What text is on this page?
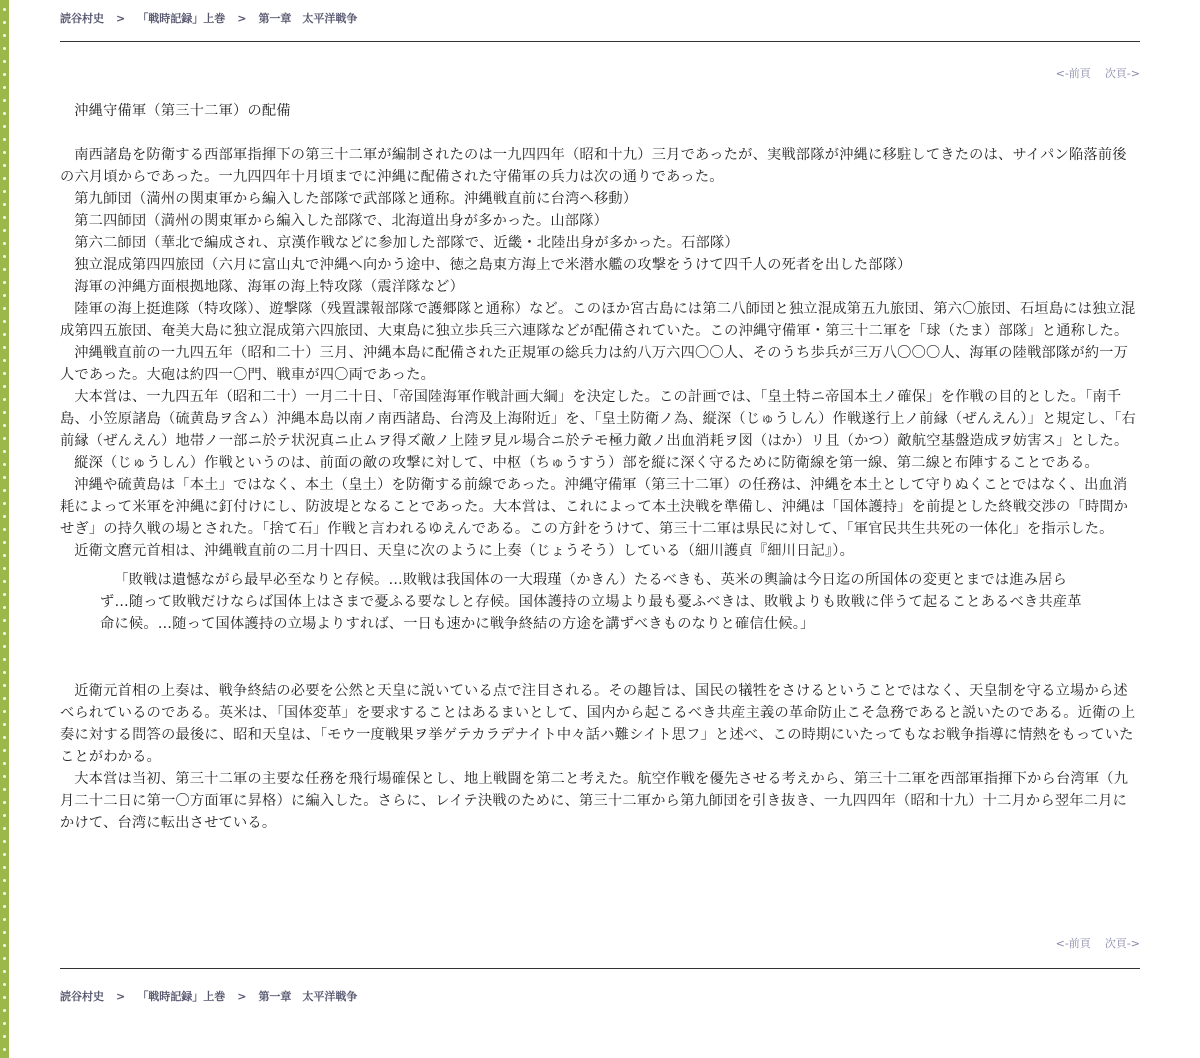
読谷村史 > 「戦時記録」上巻 > 第一章　太平洋戦争
<-前頁 次頁->

沖縄守備軍（第三十二軍）の配備

南西諸島を防衛する西部軍指揮下の第三十二軍が編制されたのは一九四四年（昭和十九）三月であったが、実戦部隊が沖縄に移駐してきたのは、サイパン陥落前後の六月頃からであった。一九四四年十月頃までに沖縄に配備された守備軍の兵力は次の通りであった。

第九師団（満州の関東軍から編入した部隊で武部隊と通称。沖縄戦直前に台湾へ移動）

第二四師団（満州の関東軍から編入した部隊で、北海道出身が多かった。山部隊）

第六二師団（華北で編成され、京漢作戦などに参加した部隊で、近畿・北陸出身が多かった。石部隊）

独立混成第四四旅団（六月に富山丸で沖縄へ向かう途中、徳之島東方海上で米潜水艦の攻撃をうけて四千人の死者を出した部隊）

海軍の沖縄方面根拠地隊、海軍の海上特攻隊（震洋隊など）

陸軍の海上挺進隊（特攻隊）、遊撃隊（残置諜報部隊で護郷隊と通称）など。このほか宮古島には第二八師団と独立混成第五九旅団、第六〇旅団、石垣島には独立混成第四五旅団、奄美大島に独立混成第六四旅団、大東島に独立歩兵三六連隊などが配備されていた。この沖縄守備軍・第三十二軍を「球（たま）部隊」と通称した。

沖縄戦直前の一九四五年（昭和二十）三月、沖縄本島に配備された正規軍の総兵力は約八万六四〇〇人、そのうち歩兵が三万八〇〇〇人、海軍の陸戦部隊が約一万人であった。大砲は約四一〇門、戦車が四〇両であった。

大本営は、一九四五年（昭和二十）一月二十日、「帝国陸海軍作戦計画大綱」を決定した。この計画では、「皇土特ニ帝国本土ノ確保」を作戦の目的とした。「南千島、小笠原諸島（硫黄島ヲ含ム）沖縄本島以南ノ南西諸島、台湾及上海附近」を、「皇土防衛ノ為、縦深（じゅうしん）作戦遂行上ノ前縁（ぜんえん）」と規定し、「右前縁（ぜんえん）地帯ノ一部ニ於テ状況真ニ止ムヲ得ズ敵ノ上陸ヲ見ル場合ニ於テモ極力敵ノ出血消耗ヲ図（はか）リ且（かつ）敵航空基盤造成ヲ妨害ス」とした。

縦深（じゅうしん）作戦というのは、前面の敵の攻撃に対して、中枢（ちゅうすう）部を縦に深く守るために防衛線を第一線、第二線と布陣することである。

沖縄や硫黄島は「本土」ではなく、本土（皇土）を防衛する前線であった。沖縄守備軍（第三十二軍）の任務は、沖縄を本土として守りぬくことではなく、出血消耗によって米軍を沖縄に釘付けにし、防波堤となることであった。大本営は、これによって本土決戦を準備し、沖縄は「国体護持」を前提とした終戦交渉の「時間かせぎ」の持久戦の場とされた。「捨て石」作戦と言われるゆえんである。この方針をうけて、第三十二軍は県民に対して、「軍官民共生共死の一体化」を指示した。

近衛文麿元首相は、沖縄戦直前の二月十四日、天皇に次のように上奏（じょうそう）している（細川護貞『細川日記』）。

「敗戦は遺憾ながら最早必至なりと存候。…敗戦は我国体の一大瑕瑾（かきん）たるべきも、英米の輿論は今日迄の所国体の変更とまでは進み居らず…随って敗戦だけならば国体上はさまで憂ふる要なしと存候。国体護持の立場より最も憂ふべきは、敗戦よりも敗戦に伴うて起ることあるべき共産革命に候。…随って国体護持の立場よりすれば、一日も速かに戦争終結の方途を講ずべきものなりと確信仕候。」

近衛元首相の上奏は、戦争終結の必要を公然と天皇に説いている点で注目される。その趣旨は、国民の犠牲をさけるということではなく、天皇制を守る立場から述べられているのである。英米は、「国体変革」を要求することはあるまいとして、国内から起こるべき共産主義の革命防止こそ急務であると説いたのである。近衛の上奏に対する問答の最後に、昭和天皇は、「モウ一度戦果ヲ挙ゲテカラデナイト中々話ハ難シイト思フ」と述べ、この時期にいたってもなお戦争指導に情熱をもっていたことがわかる。

大本営は当初、第三十二軍の主要な任務を飛行場確保とし、地上戦闘を第二と考えた。航空作戦を優先させる考えから、第三十二軍を西部軍指揮下から台湾軍（九月二十二日に第一〇方面軍に昇格）に編入した。さらに、レイテ決戦のために、第三十二軍から第九師団を引き抜き、一九四四年（昭和十九）十二月から翌年二月にかけて、台湾に転出させている。

<-前頁 次頁->
読谷村史 > 「戦時記録」上巻 > 第一章　太平洋戦争
